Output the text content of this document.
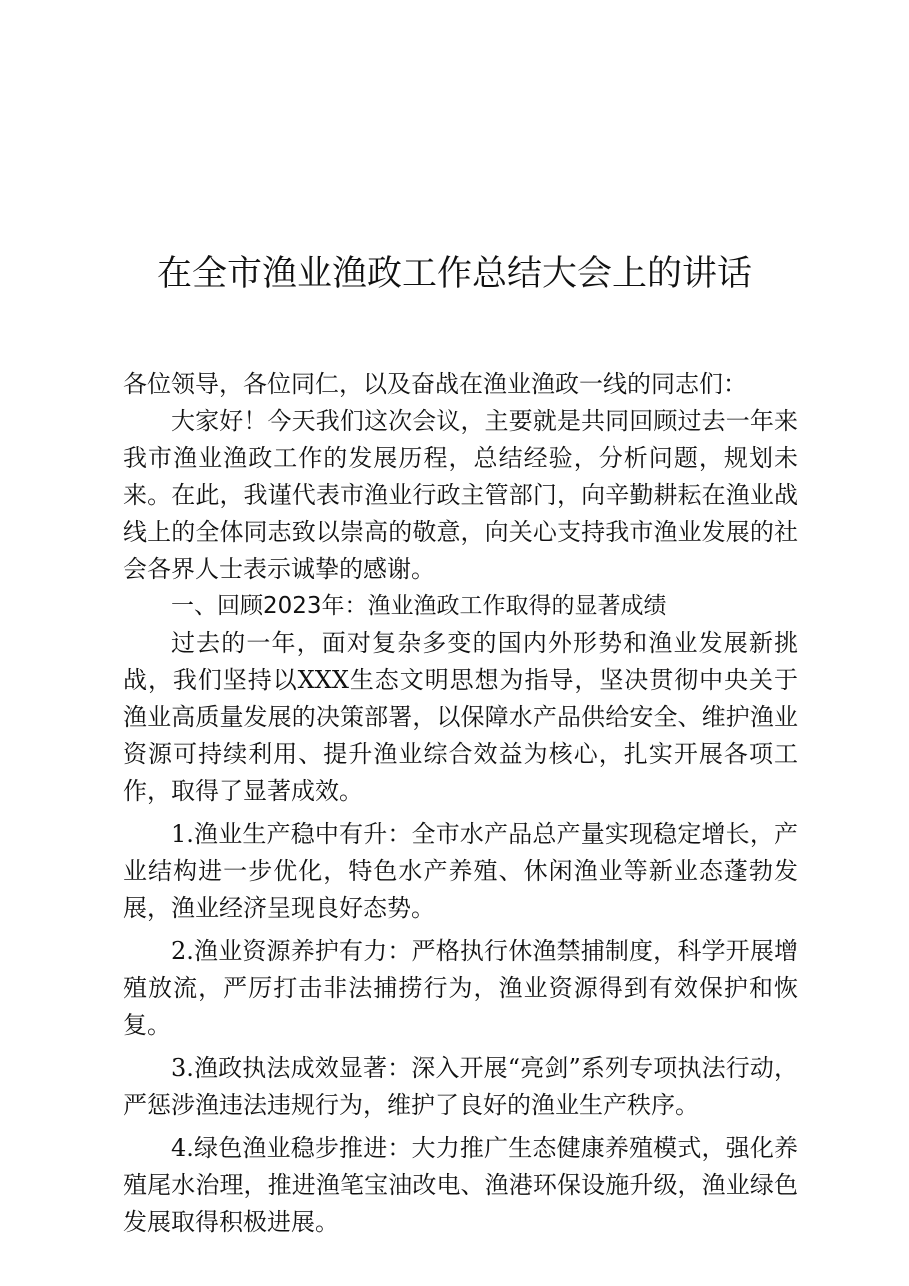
在全市渔业渔政工作总结大会上的讲话

各位领导，各位同仁，以及奋战在渔业渔政一线的同志们：

大家好！今天我们这次会议，主要就是共同回顾过去一年来我市渔业渔政工作的发展历程，总结经验，分析问题，规划未来。在此，我谨代表市渔业行政主管部门，向辛勤耕耘在渔业战线上的全体同志致以崇高的敬意，向关心支持我市渔业发展的社会各界人士表示诚挚的感谢。

一、回顾2023年：渔业渔政工作取得的显著成绩

过去的一年，面对复杂多变的国内外形势和渔业发展新挑战，我们坚持以XXX生态文明思想为指导，坚决贯彻中央关于渔业高质量发展的决策部署，以保障水产品供给安全、维护渔业资源可持续利用、提升渔业综合效益为核心，扎实开展各项工作，取得了显著成效。

1.渔业生产稳中有升：全市水产品总产量实现稳定增长，产业结构进一步优化，特色水产养殖、休闲渔业等新业态蓬勃发展，渔业经济呈现良好态势。

2.渔业资源养护有力：严格执行休渔禁捕制度，科学开展增殖放流，严厉打击非法捕捞行为，渔业资源得到有效保护和恢复。

3.渔政执法成效显著：深入开展“亮剑”系列专项执法行动，严惩涉渔违法违规行为，维护了良好的渔业生产秩序。

4.绿色渔业稳步推进：大力推广生态健康养殖模式，强化养殖尾水治理，推进渔笔宝油改电、渔港环保设施升级，渔业绿色发展取得积极进展。
